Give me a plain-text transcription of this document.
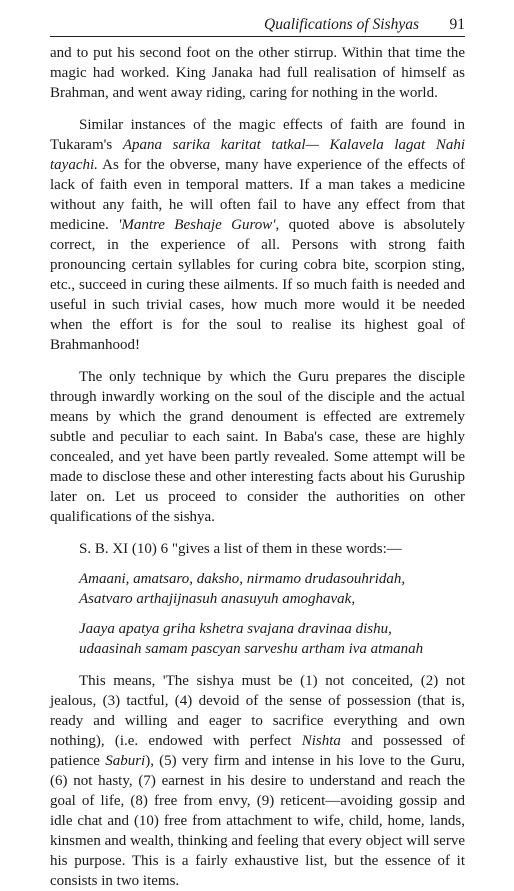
Qualifications of Sishyas 91

and to put his second foot on the other stirrup. Within that time the magic had worked. King Janaka had full realisation of himself as Brahman, and went away riding, caring for nothing in the world.

Similar instances of the magic effects of faith are found in Tukaram's Apana sarika karitat tatkal— Kalavela lagat Nahi tayachi. As for the obverse, many have experience of the effects of lack of faith even in temporal matters. If a man takes a medicine without any faith, he will often fail to have any effect from that medicine. 'Mantre Beshaje Gurow', quoted above is absolutely correct, in the experience of all. Persons with strong faith pronouncing certain syllables for curing cobra bite, scorpion sting, etc., succeed in curing these ailments. If so much faith is needed and useful in such trivial cases, how much more would it be needed when the effort is for the soul to realise its highest goal of Brahmanhood!

The only technique by which the Guru prepares the disciple through inwardly working on the soul of the disciple and the actual means by which the grand denoument is effected are extremely subtle and peculiar to each saint. In Baba's case, these are highly concealed, and yet have been partly revealed. Some attempt will be made to disclose these and other interesting facts about his Guruship later on. Let us proceed to consider the authorities on other qualifications of the sishya.

S. B. XI (10) 6 "gives a list of them in these words:—

Amaani, amatsaro, daksho, nirmamo drudasouhridah,
Asatvaro arthajijnasuh anasuyuh amoghavak,
Jaaya apatya griha kshetra svajana dravinaa dishu,
udaasinah samam pascyan sarveshu artham iva atmanah

This means, 'The sishya must be (1) not conceited, (2) not jealous, (3) tactful, (4) devoid of the sense of possession (that is, ready and willing and eager to sacrifice everything and own nothing), (i.e. endowed with perfect Nishta and possessed of patience Saburi), (5) very firm and intense in his love to the Guru, (6) not hasty, (7) earnest in his desire to understand and reach the goal of life, (8) free from envy, (9) reticent—avoiding gossip and idle chat and (10) free from attachment to wife, child, home, lands, kinsmen and wealth, thinking and feeling that every object will serve his purpose. This is a fairly exhaustive list, but the essence of it consists in two items.
